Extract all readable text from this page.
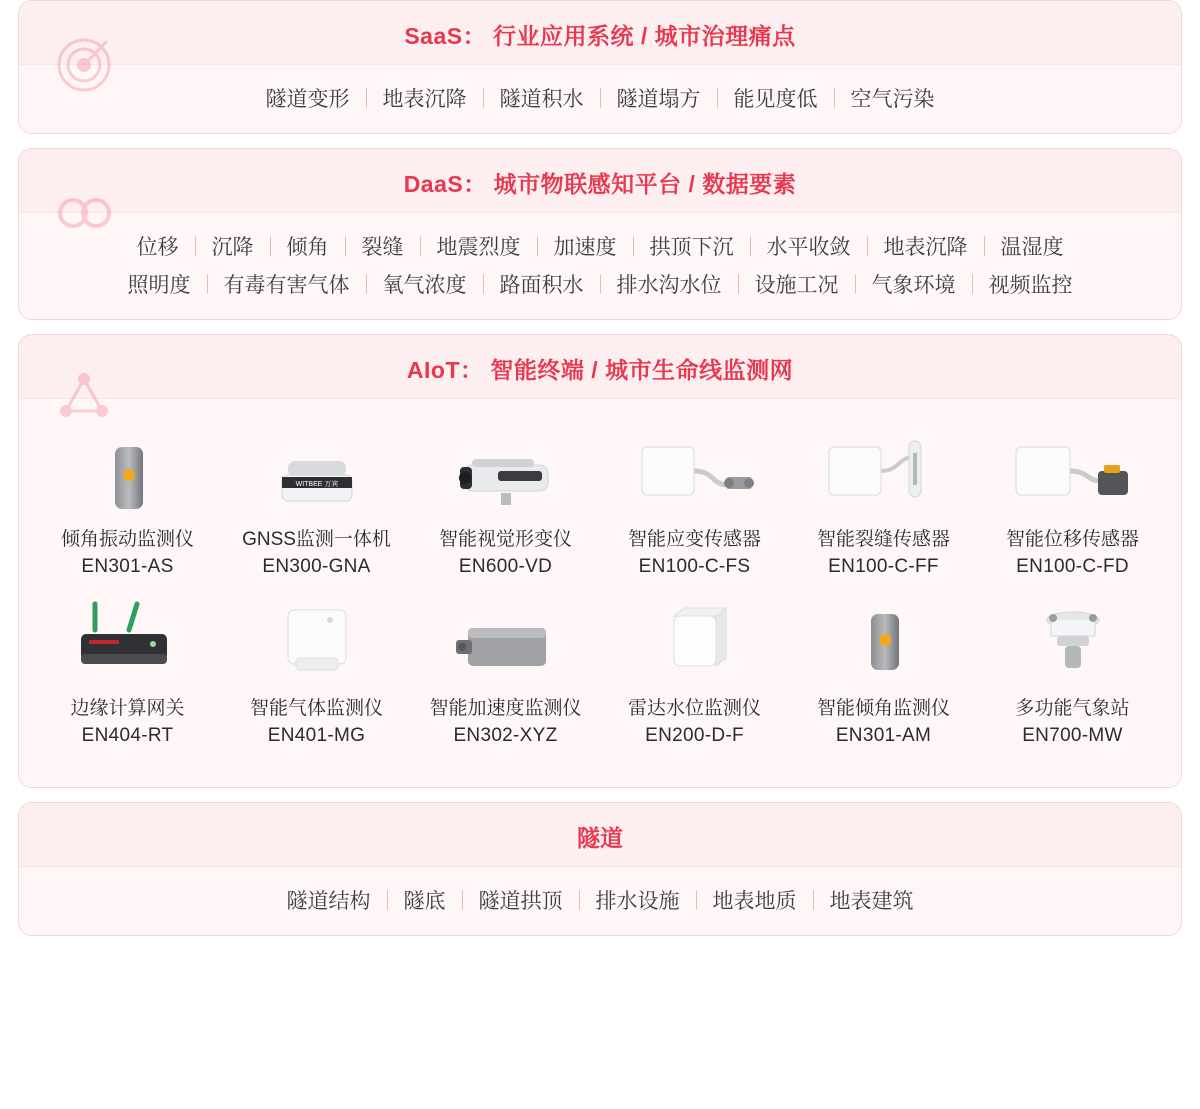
SaaS： 行业应用系统 / 城市治理痛点
隧道变形	地表沉降	隧道积水	隧道塌方	能见度低	空气污染
DaaS： 城市物联感知平台 / 数据要素
位移	沉降	倾角	裂缝	地震烈度	加速度	拱顶下沉	水平收敛	地表沉降	温湿度
照明度	有毒有害气体	氧气浓度	路面积水	排水沟水位	设施工况	气象环境	视频监控
AIoT： 智能终端 / 城市生命线监测网
倾角振动监测仪
EN301-AS
WITBEE 万宾
GNSS监测一体机
EN300-GNA
智能视觉形变仪
EN600-VD
智能应变传感器
EN100-C-FS
智能裂缝传感器
EN100-C-FF
智能位移传感器
EN100-C-FD
边缘计算网关
EN404-RT
智能气体监测仪
EN401-MG
智能加速度监测仪
EN302-XYZ
雷达水位监测仪
EN200-D-F
智能倾角监测仪
EN301-AM
多功能气象站
EN700-MW
隧道
隧道结构	隧底	隧道拱顶	排水设施	地表地质	地表建筑
